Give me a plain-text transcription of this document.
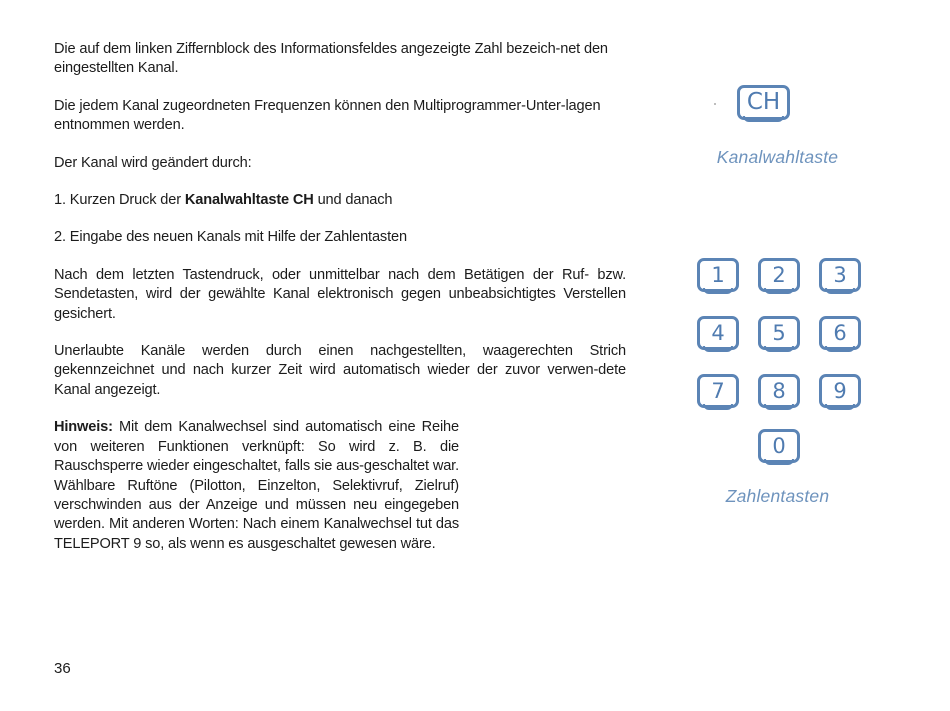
Die auf dem linken Ziffernblock des Informationsfeldes angezeigte Zahl bezeich-net den eingestellten Kanal.

Die jedem Kanal zugeordneten Frequenzen können den Multiprogrammer-Unter-lagen entnommen werden.

Der Kanal wird geändert durch:

1. Kurzen Druck der Kanalwahltaste CH und danach

2. Eingabe des neuen Kanals mit Hilfe der Zahlentasten

Nach dem letzten Tastendruck, oder unmittelbar nach dem Betätigen der Ruf- bzw. Sendetasten, wird der gewählte Kanal elektronisch gegen unbeabsichtigtes Verstellen gesichert.

Unerlaubte Kanäle werden durch einen nachgestellten, waagerechten Strich gekennzeichnet und nach kurzer Zeit wird automatisch wieder der zuvor verwen-dete Kanal angezeigt.

Hinweis: Mit dem Kanalwechsel sind automatisch eine Reihe von weiteren Funktionen verknüpft: So wird z. B. die Rauschsperre wieder eingeschaltet, falls sie aus-geschaltet war. Wählbare Ruftöne (Pilotton, Einzelton, Selektivruf, Zielruf) verschwinden aus der Anzeige und müssen neu eingegeben werden. Mit anderen Worten: Nach einem Kanalwechsel tut das TELEPORT 9 so, als wenn es ausgeschaltet gewesen wäre.

36
CH
Kanalwahltaste
1	2	3
4	5	6
7	8	9
0
Zahlentasten
